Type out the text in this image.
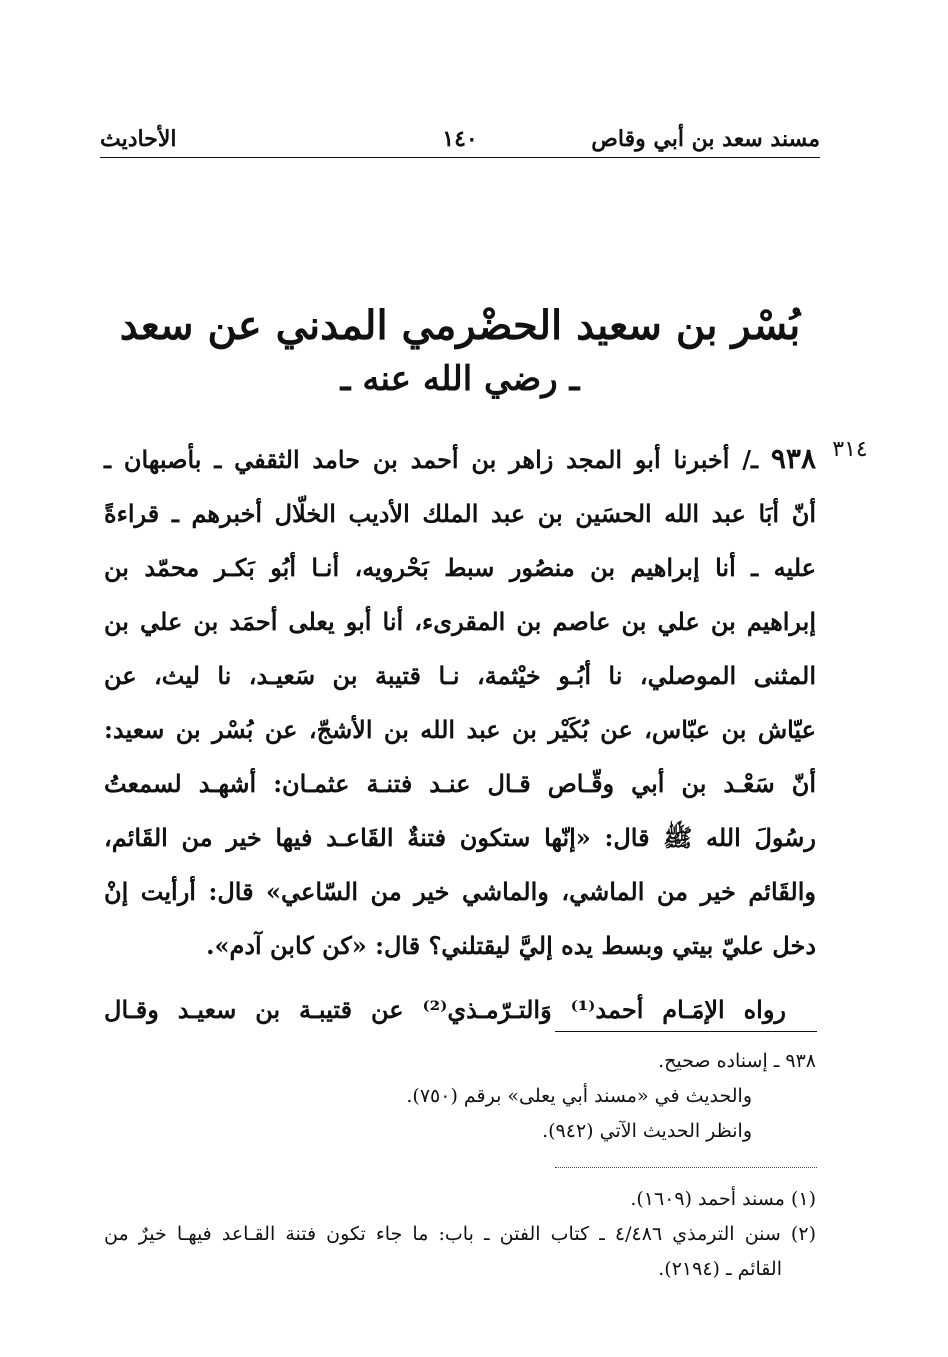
مسند سعد بن أبي وقاص
١٤٠
الأحاديث
بُسْر بن سعيد الحضْرمي المدني عن سعد
ـ رضي الله عنه ـ
٣١٤
٩٣٨ ـ/ أخبرنا أبو المجد زاهر بن أحمد بن حامد الثقفي ـ بأصبهان ـ
أنّ أبَا عبد الله الحسَين بن عبد الملك الأديب الخلّال أخبرهم ـ قراءةً
عليه ـ أنا إبراهيم بن منصُور سبط بَحْرويه، أنـا أبُو بَكـر محمّد بن
إبراهيم بن علي بن عاصم بن المقرىء، أنا أبو يعلى أحمَد بن علي بن
المثنى الموصلي، نا أبُـو خيْثمة، نـا قتيبة بن سَعيـد، نا ليث، عن
عيّاش بن عبّاس، عن بُكَيْر بن عبد الله بن الأشجّ، عن بُسْر بن سعيد:
أنّ سَعْـد بن أبي وقّـاص قـال عنـد فتنـة عثمـان: أشهـد لسمعتُ
رسُولَ الله ﷺ قال: «إنّها ستكون فتنةٌ القَاعـد فيها خير من القَائم،
والقَائم خير من الماشي، والماشي خير من السّاعي» قال: أرأيت إنْ
دخل عليّ بيتي وبسط يده إليَّ ليقتلني؟ قال: «كن كابن آدم».
رواه الإمَـام أحمد⁽¹⁾ وَالتـرّمـذي⁽²⁾ عن قتيبـة بن سعيـد وقـال
٩٣٨ ـ إسناده صحيح.
والحديث في «مسند أبي يعلى» برقم (٧٥٠).
وانظر الحديث الآتي (٩٤٢).
(١) مسند أحمد (١٦٠٩).
(٢) سنن الترمذي ٤/٤٨٦ ـ كتاب الفتن ـ باب: ما جاء تكون فتنة القـاعد فيهـا خيرٌ من
القائم ـ (٢١٩٤).
